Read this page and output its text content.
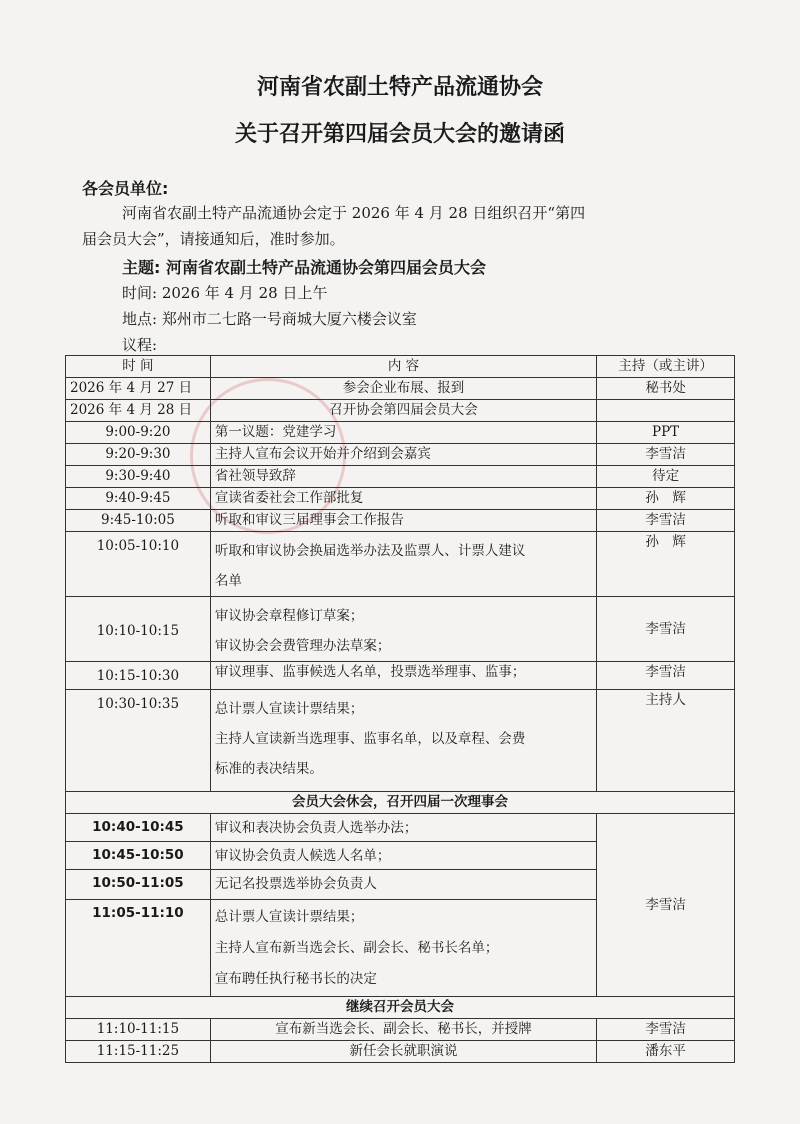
河南省农副土特产品流通协会
关于召开第四届会员大会的邀请函
各会员单位:
河南省农副土特产品流通协会定于 2026 年 4 月 28 日组织召开“第四
届会员大会”，请接通知后，准时参加。
主题: 河南省农副土特产品流通协会第四届会员大会
时间: 2026 年 4 月 28 日上午
地点: 郑州市二七路一号商城大厦六楼会议室
议程:
时 间	内 容	主持（或主讲）
2026 年 4 月 27 日	参会企业布展、报到	秘书处
2026 年 4 月 28 日	召开协会第四届会员大会	
9:00-9:20	第一议题：党建学习	PPT
9:20-9:30	主持人宣布会议开始并介绍到会嘉宾	李雪洁
9:30-9:40	省社领导致辞	待定
9:40-9:45	宣读省委社会工作部批复	孙　辉
9:45-10:05	听取和审议三届理事会工作报告	李雪洁
10:05-10:10	听取和审议协会换届选举办法及监票人、计票人建议
名单	孙　辉
10:10-10:15	审议协会章程修订草案；
审议协会会费管理办法草案；	李雪洁
10:15-10:30	审议理事、监事候选人名单，投票选举理事、监事；	李雪洁
10:30-10:35	总计票人宣读计票结果；
主持人宣读新当选理事、监事名单，以及章程、会费
标准的表决结果。	主持人
会员大会休会，召开四届一次理事会		
10:40-10:45	审议和表决协会负责人选举办法；	李雪洁
10:45-10:50	审议协会负责人候选人名单；	

10:50-11:05	无记名投票选举协会负责人	

11:05-11:10	总计票人宣读计票结果；
主持人宣布新当选会长、副会长、秘书长名单；
宣布聘任执行秘书长的决定	

继续召开会员大会		
11:10-11:15	宣布新当选会长、副会长、秘书长，并授牌	李雪洁
11:15-11:25	新任会长就职演说	潘东平
